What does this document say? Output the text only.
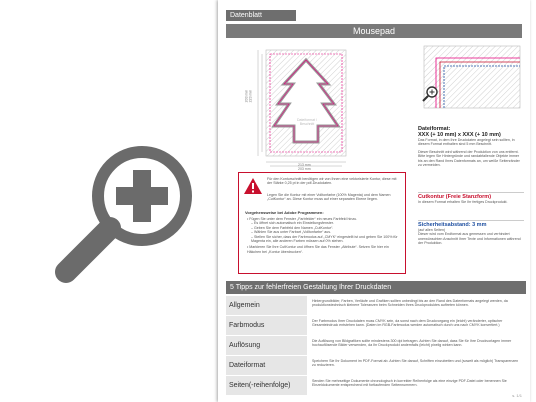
Datenblatt
Mousepad
203 mm 223 mm
Dateiformat / Beschnitt
213 mm
203 mm
Dateiformat:
XXX (+ 10 mm) x XXX (+ 10 mm)
Das Format, in dem Ihre Druckdaten angelegt sein sollten, in diesem Format enthalten sind 5 mm Beschnitt.
Dieser Beschnitt wird während der Produktion von uns entfernt. Bitte legen Sie Hintergründe und randabfallende Objekte immer bis an den Rand Ihres Datenformats an, um weiße Seitenränder zu vermeiden.
Cutkontur (Freie Stanzform)
In diesem Format erhalten Sie Ihr fertiges Druckprodukt.
Sicherheitsabstand: 3 mm
(auf allen Seiten)
Dieser wird vom Endformat aus gemessen und verhindert unerwünschten Anschnitt Ihrer Texte und Informationen während der Produktion.
Für den Konturschnitt benötigen wir von Ihnen eine vektorisierte Kontur, diese mit der Stärke 0,25 pt in der pdf-Druckdaten.
Legen Sie die Kontur mit einer Volltonfarbe (100% Magenta) und dem Namen „CutKontur“ an. Diese Kontur muss auf einer separaten Ebene liegen.
Vorgehensweise bei Adobe Programmen:
• Fügen Sie unter dem Fenster „Farbfelder“ ein neues Farbfeld hinzu.
– Es öffnet sich automatisch ein Einstellungsfenster.
– Geben Sie dem Farbfeld den Namen „CutKontur“.
– Wählen Sie aus unter Farbart „Volltonfarbe“ aus.
– Stellen Sie sicher, dass der Farbmodus auf „CMYK“ eingestellt ist und geben Sie 100% für Magenta ein, alle anderen Farben müssen auf 0% stehen.
• Markieren Sie Ihre CutKontur und öffnen Sie das Fenster „Attribute“. Setzen Sie hier ein Häkchen bei „Kontur überdrucken“.
5 Tipps zur fehlerfreien Gestaltung Ihrer Druckdaten
Allgemein
Hintergrundbilder, Farben, Verläufe und Grafiken sollten unbedingt bis an den Rand des Datenformats angelegt werden, da produktionstechnisch kleinere Toleranzen beim Schneiden Ihres Druckproduktes auftreten können.
Farbmodus
Der Farbmodus Ihrer Druckdaten muss CMYK sein, da sonst nach dem Druckvorgang ein (leicht) veränderter, optischer Gesamteindruck entstehen kann. (Daten im RGB-Farbmodus werden automatisch durch uns nach CMYK konvertiert.)
Auflösung
Die Auflösung von Bildgrafiken sollte mindestens 300 dpi betragen. Achten Sie darauf, dass Sie für Ihre Druckvorlagen immer hochauflösende Bilder verwenden, da Ihr Druckprodukt andernfalls (leicht) pixelig wirken kann.
Dateiformat
Speichern Sie Ihr Dokument im PDF-Format ab. Achten Sie darauf, Schriften einzubetten und (soweit als möglich) Transparenzen zu reduzieren.
Seiten(-reihenfolge)
Senden Sie mehrseitige Dokumente chronologisch in korrekter Reihenfolge als eine einzige PDF-Datei oder benennen Sie Einzeldokumente entsprechend mit fortlaufenden Seitennummern.
s. 1/1
